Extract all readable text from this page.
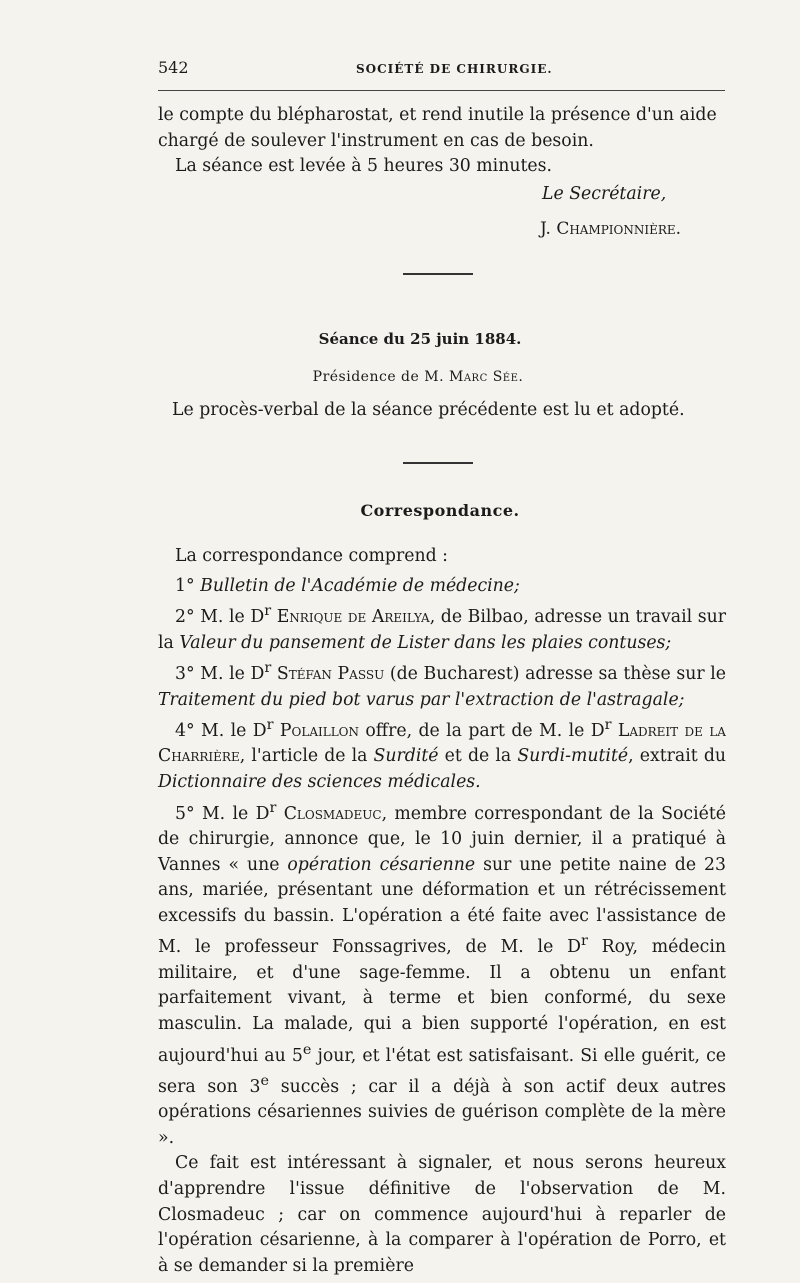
542	SOCIÉTÉ DE CHIRURGIE.

le compte du blépharostat, et rend inutile la présence d'un aide

chargé de soulever l'instrument en cas de besoin.

La séance est levée à 5 heures 30 minutes.

Le Secrétaire,
J. Championnière.
Séance du 25 juin 1884.
Présidence de M. Marc Sée.
Le procès-verbal de la séance précédente est lu et adopté.
Correspondance.

La correspondance comprend :

1° Bulletin de l'Académie de médecine;

2° M. le $D^r$ Enrique de Areilya, de Bilbao, adresse un travail sur la Valeur du pansement de Lister dans les plaies contuses;

3° M. le $D^r$ Stéfan Passu (de Bucharest) adresse sa thèse sur le Traitement du pied bot varus par l'extraction de l'astragale;

4° M. le $D^r$ Polaillon offre, de la part de M. le $D^r$ Ladreit de la Charrière, l'article de la Surdité et de la Surdi-mutité, extrait du Dictionnaire des sciences médicales.

5° M. le $D^r$ Closmadeuc, membre correspondant de la Société de chirurgie, annonce que, le 10 juin dernier, il a pratiqué à Vannes « une opération césarienne sur une petite naine de 23 ans, mariée, présentant une déformation et un rétrécissement excessifs du bassin. L'opération a été faite avec l'assistance de M. le professeur Fonssagrives, de M. le $D^r$ Roy, médecin militaire, et d'une sage-femme. Il a obtenu un enfant parfaitement vivant, à terme et bien conformé, du sexe masculin. La malade, qui a bien supporté l'opération, en est aujourd'hui au 5e jour, et l'état est satisfaisant. Si elle guérit, ce sera son 3e succès ; car il a déjà à son actif deux autres opérations césariennes suivies de guérison complète de la mère ».

Ce fait est intéressant à signaler, et nous serons heureux d'apprendre l'issue définitive de l'observation de M. Closmadeuc ; car on commence aujourd'hui à reparler de l'opération césarienne, à la comparer à l'opération de Porro, et à se demander si la première
